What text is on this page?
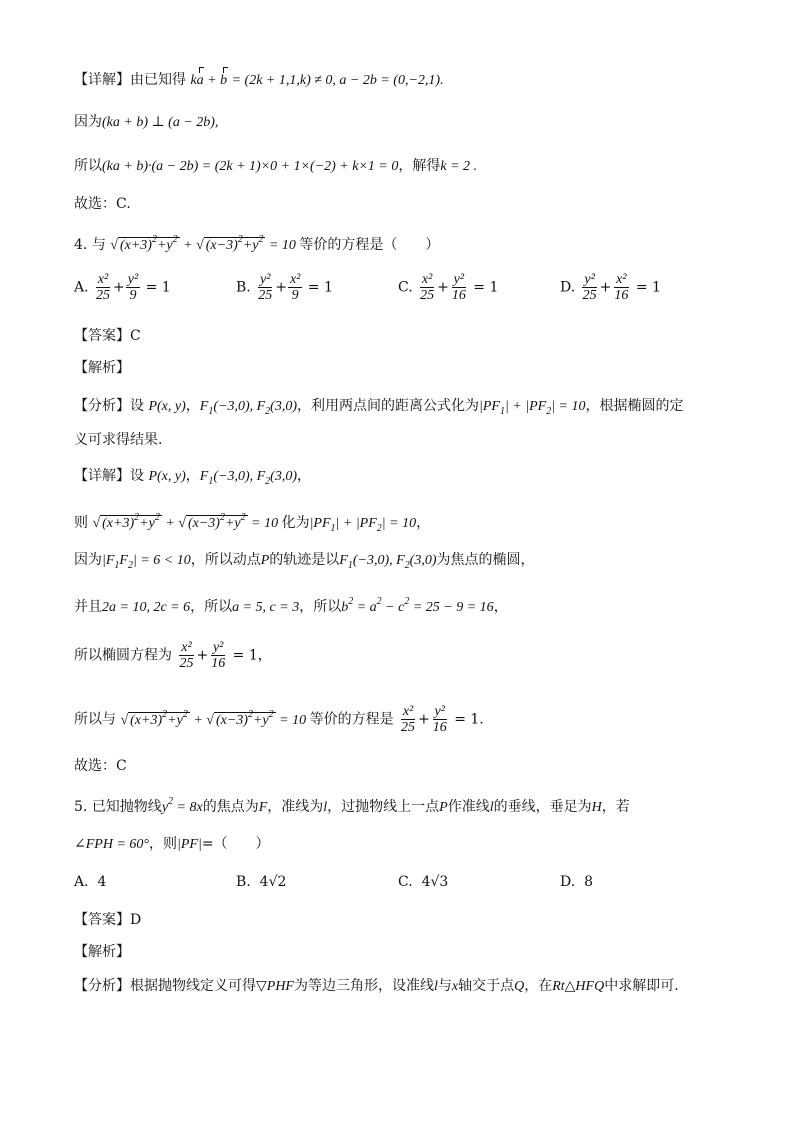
【详解】由已知得 ka + b = (2k + 1,1,k) ≠ 0, a − 2b = (0,−2,1).
因为(ka + b) ⊥ (a − 2b),
所以(ka + b)·(a − 2b) = (2k + 1)×0 + 1×(−2) + k×1 = 0，解得k = 2 .
故选：C.
4. 与 √ $(x+3)^2+y^2$ + √ $(x-3)^2+y^2 = 10$ 等价的方程是（　　）
A. $\frac{\text{x²}}{25} + \frac{\text{y²}}{9} = 1$	B. $\frac{\text{y²}}{25} + \frac{\text{x²}}{9} = 1$	C. $\frac{\text{x²}}{25} + \frac{\text{y²}}{16} = 1$	D. $\frac{\text{y²}}{25} + \frac{\text{x²}}{16} = 1$
【答案】C
【解析】
【分析】设 P(x, y)，$F_1(-3,0)$, $F_2(3,0)$，利用两点间的距离公式化为$|PF_1| + |PF_2| = 10$，根据椭圆的定
义可求得结果.
【详解】设 P(x, y)，$F_1(-3,0)$, $F_2(3,0)$，
则 √ $(x+3)^2+y^2$ + √ $(x-3)^2+y^2 = 10$ 化为$|PF_1| + |PF_2| = 10$，
因为$|F_1F_2| = 6 < 10$，所以动点P的轨迹是以$F_1(-3,0)$, $F_2(3,0)$为焦点的椭圆，
并且2a = 10, 2c = 6，所以a = 5, c = 3，所以$b^2 = a^2 - c^2 = 25 - 9 = 16$，
所以椭圆方程为 $\frac{\text{x²}}{25} + \frac{\text{y²}}{16} = 1$，
所以与 √ $(x+3)^2+y^2$ + √ $(x-3)^2+y^2 = 10$ 等价的方程是 $\frac{\text{x²}}{25} + \frac{\text{y²}}{16} = 1$.
故选：C
5. 已知抛物线$y^2 = 8x$的焦点为F，准线为l，过抛物线上一点P作准线l的垂线，垂足为H，若
∠FPH = 60°，则|PF|=（　　）
A. 4	B. 4√2	C. 4√3	D. 8
【答案】D
【解析】
【分析】根据抛物线定义可得▽PHF为等边三角形，设准线l与x轴交于点Q，在Rt△HFQ中求解即可.
